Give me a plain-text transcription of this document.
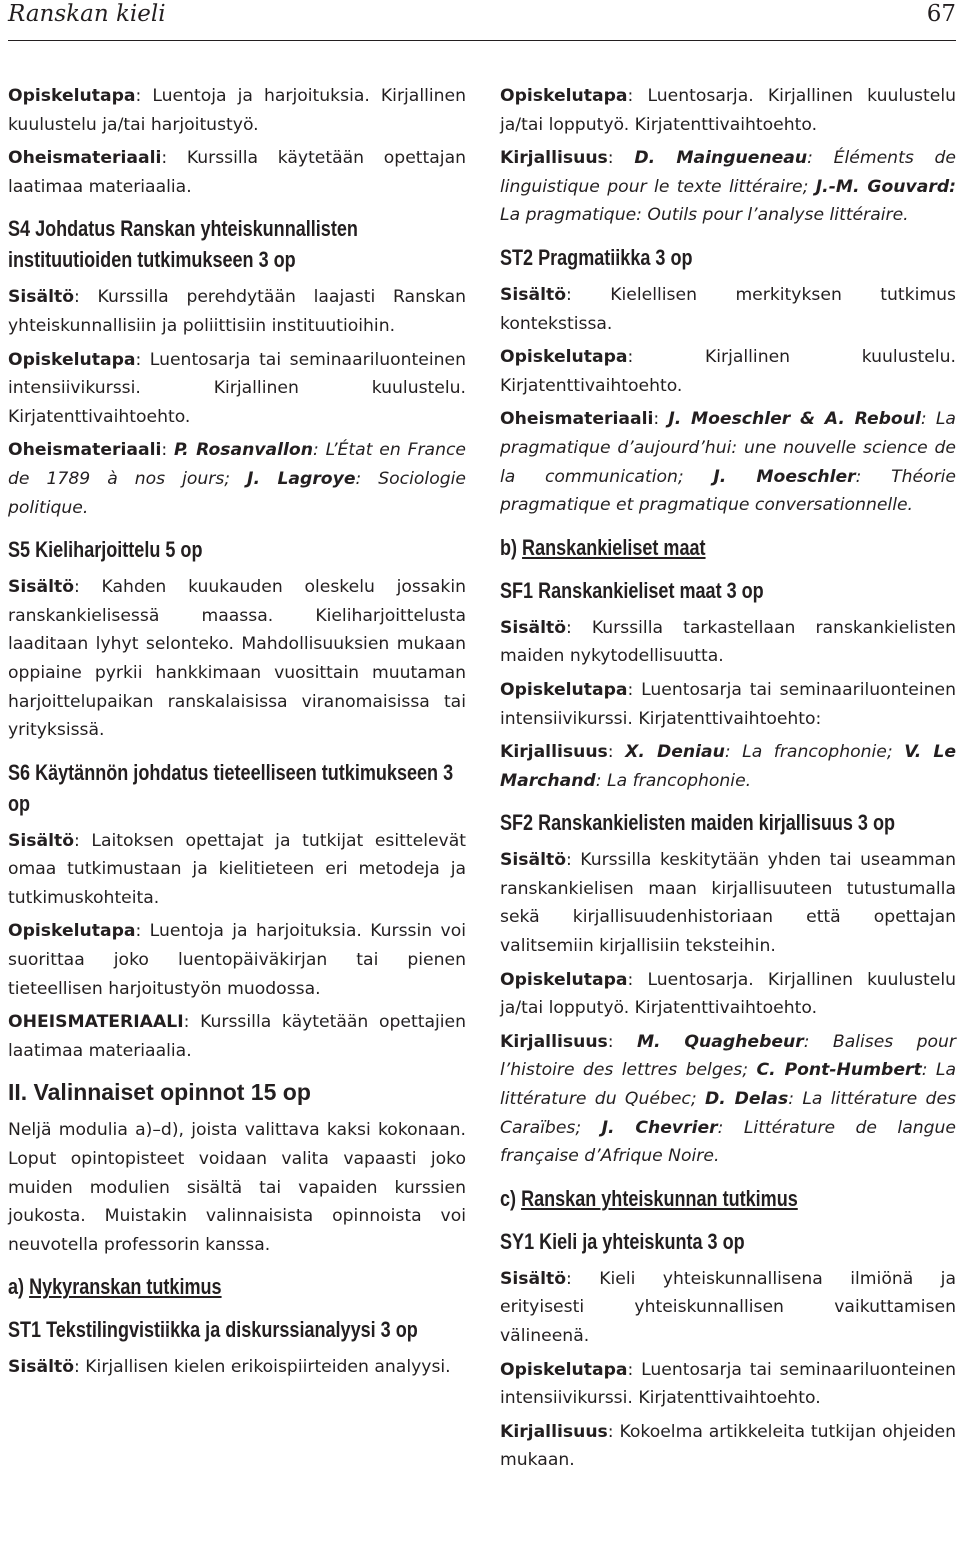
Ranskan kieli	67

Opiskelutapa: Luentoja ja harjoituksia. Kirjallinen kuulustelu ja/tai harjoitustyö.

Oheismateriaali: Kurssilla käytetään opettajan laatimaa materiaalia.

S4 Johdatus Ranskan yhteiskunnallisten instituutioiden tutkimukseen 3 op

Sisältö: Kurssilla perehdytään laajasti Ranskan yhteiskunnallisiin ja poliittisiin instituutioihin.

Opiskelutapa: Luentosarja tai seminaariluonteinen intensiivikurssi. Kirjallinen kuulustelu. Kirjatenttivaihtoehto.

Oheismateriaali: P. Rosanvallon: L’État en France de 1789 à nos jours; J. Lagroye: Sociologie politique.

S5 Kieliharjoittelu 5 op

Sisältö: Kahden kuukauden oleskelu jossakin ranskankielisessä maassa. Kieliharjoittelusta laaditaan lyhyt selonteko. Mahdollisuuksien mukaan oppiaine pyrkii hankkimaan vuosittain muutaman harjoittelupaikan ranskalaisissa viranomaisissa tai yrityksissä.

S6 Käytännön johdatus tieteelliseen tutkimukseen 3 op

Sisältö: Laitoksen opettajat ja tutkijat esittelevät omaa tutkimustaan ja kielitieteen eri metodeja ja tutkimuskohteita.

Opiskelutapa: Luentoja ja harjoituksia. Kurssin voi suorittaa joko luentopäiväkirjan tai pienen tieteellisen harjoitustyön muodossa.

OHEISMATERIAALI: Kurssilla käytetään opettajien laatimaa materiaalia.

II. Valinnaiset opinnot 15 op

Neljä modulia a)–d), joista valittava kaksi kokonaan. Loput opintopisteet voidaan valita vapaasti joko muiden modulien sisältä tai vapaiden kurssien joukosta. Muistakin valinnaisista opinnoista voi neuvotella professorin kanssa.

a) Nykyranskan tutkimus
ST1 Tekstilingvistiikka ja diskurssianalyysi 3 op

Sisältö: Kirjallisen kielen erikoispiirteiden analyysi.

Opiskelutapa: Luentosarja. Kirjallinen kuulustelu ja/tai lopputyö. Kirjatenttivaihtoehto.

Kirjallisuus: D. Maingueneau: Éléments de linguistique pour le texte littéraire; J.-M. Gouvard: La pragmatique: Outils pour l’analyse littéraire.

ST2 Pragmatiikka 3 op

Sisältö: Kielellisen merkityksen tutkimus kontekstissa.

Opiskelutapa: Kirjallinen kuulustelu. Kirjatenttivaihtoehto.

Oheismateriaali: J. Moeschler & A. Reboul: La pragmatique d’aujourd’hui: une nouvelle science de la communication; J. Moeschler: Théorie pragmatique et pragmatique conversationnelle.

b) Ranskankieliset maat
SF1 Ranskankieliset maat 3 op

Sisältö: Kurssilla tarkastellaan ranskankielisten maiden nykytodellisuutta.

Opiskelutapa: Luentosarja tai seminaariluonteinen intensiivikurssi. Kirjatenttivaihtoehto:

Kirjallisuus: X. Deniau: La francophonie; V. Le Marchand: La francophonie.

SF2 Ranskankielisten maiden kirjallisuus 3 op

Sisältö: Kurssilla keskitytään yhden tai useamman ranskankielisen maan kirjallisuuteen tutustumalla sekä kirjallisuudenhistoriaan että opettajan valitsemiin kirjallisiin teksteihin.

Opiskelutapa: Luentosarja. Kirjallinen kuulustelu ja/tai lopputyö. Kirjatenttivaihtoehto.

Kirjallisuus: M. Quaghebeur: Balises pour l’histoire des lettres belges; C. Pont-Humbert: La littérature du Québec; D. Delas: La littérature des Caraïbes; J. Chevrier: Littérature de langue française d’Afrique Noire.

c) Ranskan yhteiskunnan tutkimus
SY1 Kieli ja yhteiskunta 3 op

Sisältö: Kieli yhteiskunnallisena ilmiönä ja erityisesti yhteiskunnallisen vaikuttamisen välineenä.

Opiskelutapa: Luentosarja tai seminaariluonteinen intensiivikurssi. Kirjatenttivaihtoehto.

Kirjallisuus: Kokoelma artikkeleita tutkijan ohjeiden mukaan.
